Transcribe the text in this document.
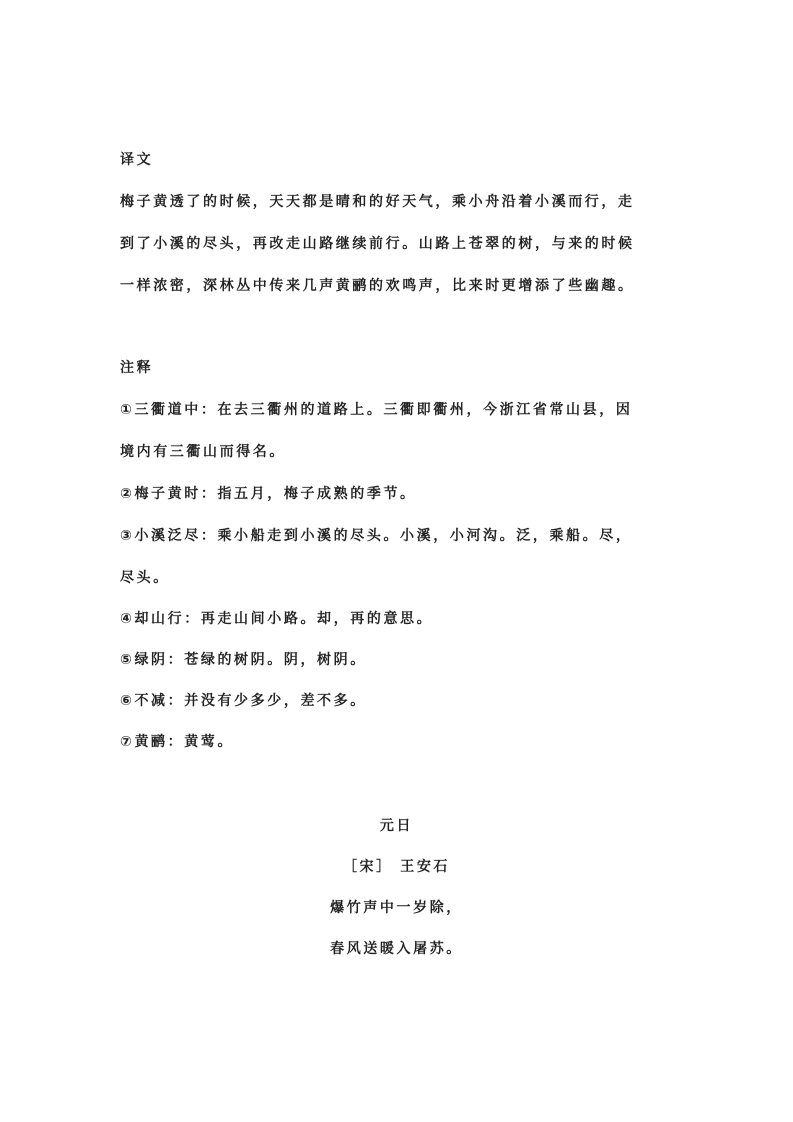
译文
梅子黄透了的时候，天天都是晴和的好天气，乘小舟沿着小溪而行，走
到了小溪的尽头，再改走山路继续前行。山路上苍翠的树，与来的时候
一样浓密，深林丛中传来几声黄鹂的欢鸣声，比来时更增添了些幽趣。
注释
①三衢道中：在去三衢州的道路上。三衢即衢州，今浙江省常山县，因
境内有三衢山而得名。
②梅子黄时：指五月，梅子成熟的季节。
③小溪泛尽：乘小船走到小溪的尽头。小溪，小河沟。泛，乘船。尽，
尽头。
④却山行：再走山间小路。却，再的意思。
⑤绿阴：苍绿的树阴。阴，树阴。
⑥不减：并没有少多少，差不多。
⑦黄鹂：黄莺。
元日
［宋］ 王安石
爆竹声中一岁除，
春风送暖入屠苏。
